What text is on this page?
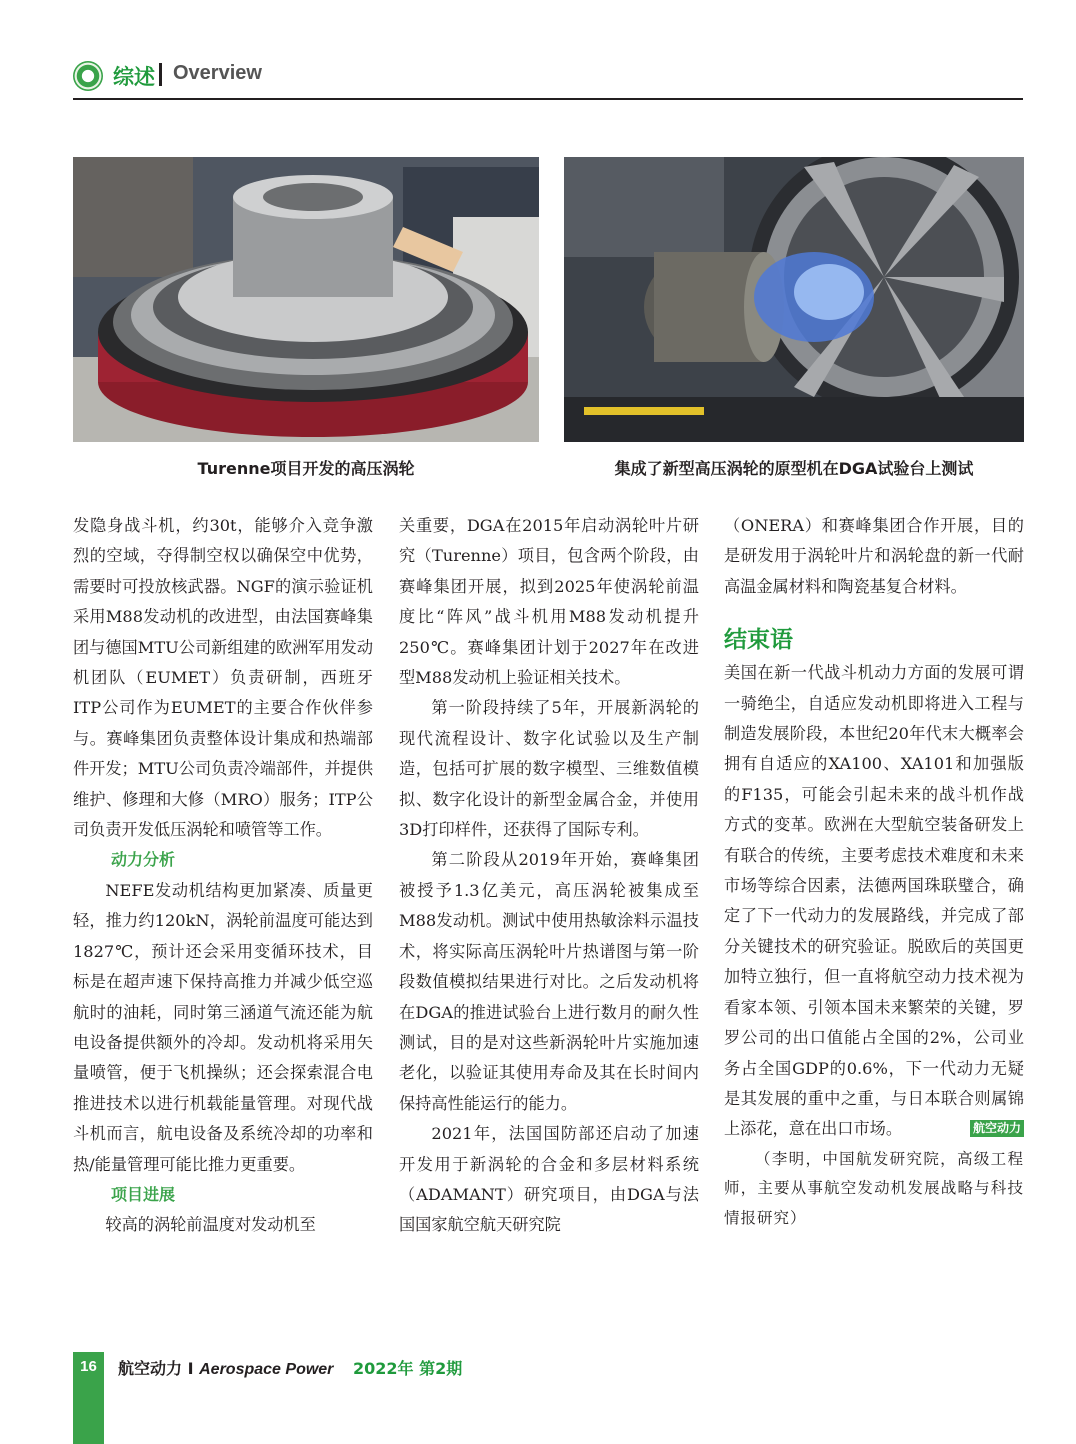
综述 Overview
Turenne项目开发的高压涡轮	集成了新型高压涡轮的原型机在DGA试验台上测试

发隐身战斗机，约30t，能够介入竞争激烈的空域，夺得制空权以确保空中优势，需要时可投放核武器。NGF的演示验证机采用M88发动机的改进型，由法国赛峰集团与德国MTU公司新组建的欧洲军用发动机团队（EUMET）负责研制，西班牙ITP公司作为EUMET的主要合作伙伴参与。赛峰集团负责整体设计集成和热端部件开发；MTU公司负责冷端部件，并提供维护、修理和大修（MRO）服务；ITP公司负责开发低压涡轮和喷管等工作。

动力分析

NEFE发动机结构更加紧凑、质量更轻，推力约120kN，涡轮前温度可能达到1827℃，预计还会采用变循环技术，目标是在超声速下保持高推力并减少低空巡航时的油耗，同时第三涵道气流还能为航电设备提供额外的冷却。发动机将采用矢量喷管，便于飞机操纵；还会探索混合电推进技术以进行机载能量管理。对现代战斗机而言，航电设备及系统冷却的功率和热/能量管理可能比推力更重要。

项目进展

较高的涡轮前温度对发动机至

关重要，DGA在2015年启动涡轮叶片研究（Turenne）项目，包含两个阶段，由赛峰集团开展，拟到2025年使涡轮前温度比“阵风”战斗机用M88发动机提升250℃。赛峰集团计划于2027年在改进型M88发动机上验证相关技术。

第一阶段持续了5年，开展新涡轮的现代流程设计、数字化试验以及生产制造，包括可扩展的数字模型、三维数值模拟、数字化设计的新型金属合金，并使用3D打印样件，还获得了国际专利。

第二阶段从2019年开始，赛峰集团被授予1.3亿美元，高压涡轮被集成至M88发动机。测试中使用热敏涂料示温技术，将实际高压涡轮叶片热谱图与第一阶段数值模拟结果进行对比。之后发动机将在DGA的推进试验台上进行数月的耐久性测试，目的是对这些新涡轮叶片实施加速老化，以验证其使用寿命及其在长时间内保持高性能运行的能力。

2021年，法国国防部还启动了加速开发用于新涡轮的合金和多层材料系统（ADAMANT）研究项目，由DGA与法国国家航空航天研究院

（ONERA）和赛峰集团合作开展，目的是研发用于涡轮叶片和涡轮盘的新一代耐高温金属材料和陶瓷基复合材料。

结束语

美国在新一代战斗机动力方面的发展可谓一骑绝尘，自适应发动机即将进入工程与制造发展阶段，本世纪20年代末大概率会拥有自适应的XA100、XA101和加强版的F135，可能会引起未来的战斗机作战方式的变革。欧洲在大型航空装备研发上有联合的传统，主要考虑技术难度和未来市场等综合因素，法德两国珠联璧合，确定了下一代动力的发展路线，并完成了部分关键技术的研究验证。脱欧后的英国更加特立独行，但一直将航空动力技术视为看家本领、引领本国未来繁荣的关键，罗罗公司的出口值能占全国的2%，公司业务占全国GDP的0.6%，下一代动力无疑是其发展的重中之重，与日本联合则属锦上添花，意在出口市场。	航空动力

（李明，中国航发研究院，高级工程师，主要从事航空发动机发展战略与科技情报研究）

16	航空动力 I Aerospace Power 2022年 第2期
